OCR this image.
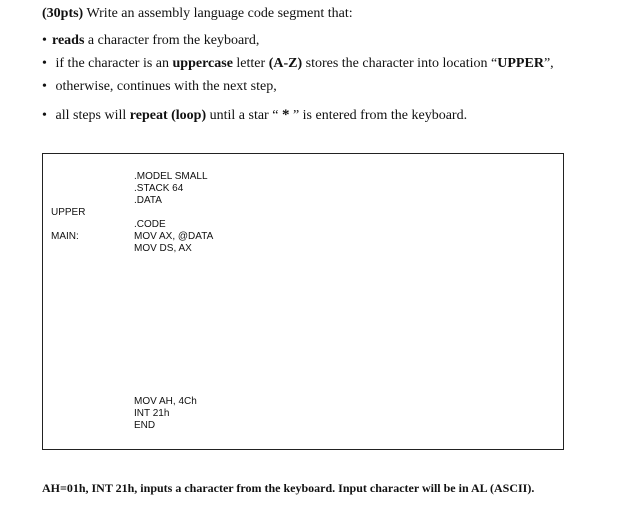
(30pts) Write an assembly language code segment that:
• reads a character from the keyboard,
• if the character is an uppercase letter (A-Z) stores the character into location “UPPER”,
• otherwise, continues with the next step,
• all steps will repeat (loop) until a star “ * ” is entered from the keyboard.
.MODEL SMALL
.STACK 64
.DATA
UPPER
.CODE
MAIN:	MOV AX, @DATA
MOV DS, AX
MOV AH, 4Ch
INT 21h
END
AH=01h, INT 21h, inputs a character from the keyboard. Input character will be in AL (ASCII).
